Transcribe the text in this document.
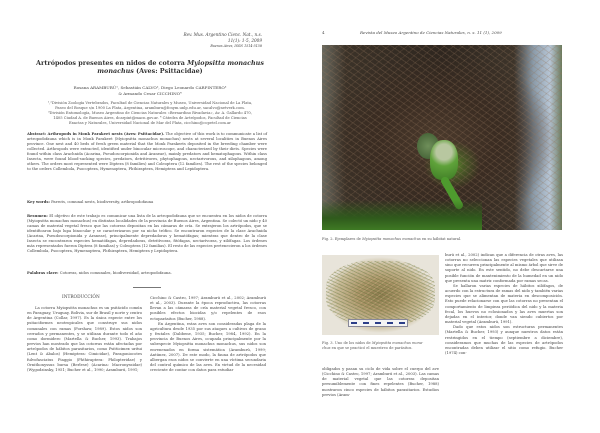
Rev. Mus. Argentino Cienc. Nat., n.s.
11(1): 1-5, 2009
Buenos Aires, ISSN 1514-5158
Artrópodos presentes en nidos de cotorra Myiopsitta monachus
monachus (Aves: Psittacidae)
Rosana ARAMBURÚ¹, Sebastián CALVO², Diego Leonardo CARPINTERO³
& Armando Cesar CICCHINO⁴
¹,²División Zoología Vertebrados, Facultad de Ciencias Naturales y Museo, Universidad Nacional de La Plata,
Paseo del Bosque s/n 1900 La Plata, Argentina, aramburu@fcnym.unlp.edu.ar, sacalvo@netverk.com.
³División Entomología, Museo Argentino de Ciencias Naturales «Bernardino Rivadavia», Av. A. Gallardo 470,
1405 Ciudad A. de Buenos Aires, dcarpint@macn.gov.ar. ⁴ Cátedra de Artrópodos, Facultad de Ciencias
Exactas y Naturales, Universidad Nacional de Mar del Plata, cicchino@copetel.com.ar
Abstract: Arthropods in Monk Parakeet nests (Aves: Psittacidae). The objective of this work is to communicate a list of artropodofauna which is in Monk Parakeet (Myiopsitta monachus monachus) nests at several localities in Buenos Aires province. One nest and 40 beds of fresh green material that the Monk Parakeets deposited in the breeding chamber were collected. Arthropods were extracted, identified under binocular microscope, and characterized by their diets. Species were found within class Arachnida (Acarina, Pseudoscorpionida and Araneae), mainly predators and hematophagous. Within class Insecta, were found blood-sucking species, predators, detritivores, phytophagous, nectarivorous, and xilophagous, among others. The orders most represented were Diptera (8 families) and Coleoptera (12 families). The rest of the species belonged to the orders Collembola, Psocoptera, Hymenoptera, Phthiraptera, Hemiptera and Lepidoptera.
Key words: Parrots, comunal nests, biodiversity, arthropodofauna
Resumen: El objetivo de este trabajo es comunicar una lista de la artropodofauna que se encuentra en los nidos de cotorra (Myiopsitta monachus monachus) en distintas localidades de la provincia de Buenos Aires, Argentina. Se colectó un nido y 40 camas de material vegetal fresco que las cotorras depositan en las cámaras de cría. Se extrajeron los artrópodos, que se identificaron bajo lupa binocular y se caracterizaron por su nicho trófico. Se encontraron especies de la clase Arachnida (Acarina, Pseudoscorpionida y Araneae), principalmente depredadoras y hematófagas; mientras que dentro de la clase Insecta se encontraron especies hematófagas, depredadoras, detritívoras, fitófagas, nectarívoras, y xilófagas. Los órdenes más representados fueron Diptera (8 familias) y Coleoptera (12 familias). El resto de las especies pertenecieron a los órdenes Collembola, Psocoptera, Hymenoptera, Phthiraptera, Hemiptera y Lepidoptera.
Palabras clave: Cotorras, nidos comunales, biodiversidad, artropodofauna.
INTRODUCCIÓN

La cotorra Myiopsitta monachus es un psitácido común en Paraguay, Uruguay, Bolivia, sur de Brasil y norte y centro de Argentina (Collar, 1997). Es la única especie entre los psitaciformes neotropicales que construye sus nidos comunales con ramas (Forshaw, 1989). Estos nidos son cerrados y permanentes, y se utilizan durante todo el año como dormidero (Martella & Bucher, 1993). Trabajos previos han mostrado que las cotorras están afectadas por artrópodos de hábitos parasitarios, como Psitticimex uritui (Lent & Abalos) (Hemiptera: Cimicidae), Paragoniocotes fulvofasciatus Piaggio (Phthiraptera: Philopteridae) y Ornithonyssus bursa (Berlese) (Acarina: Macronyssidae) (Wygodzinsky, 1951; Bucher et al., 1990; Aramburú, 1991;

Cicchino & Castro, 1997; Aramburú et al., 2002; Aramburú et al., 2003). Durante la época reproductiva, las cotorras llevan a las cámaras de cría material vegetal fresco, con posibles efectos biocidas y/o repelentes de esos ectoparásitos (Bucher, 1988).

En Argentina, estas aves son consideradas plaga de la agricultura desde 1935 por sus ataques a cultivos de grano y frutales (Dabbene, 1935; Bucher, 1984, 1992). En la provincia de Buenos Aires, ocupada principalmente por la subespecie Myiopsitta monachus monachus, sus nidos son envenenados en forma sistemática (Aramburú, 1999; Antúnez, 2007). De este modo, la fauna de artrópodos que albergan esos nidos se convierte en una víctima secundaria del control químico de las aves. En virtud de la necesidad creciente de contar con datos para estudiar

4	Revista del Museo Argentino de Ciencias Naturales, n. s. 11 (1), 2009
Fig. 2. Ejemplares de Myiopsitta monachus monachus en su hábitat natural.
Fig. 3. Uno de los nidos de Myiopsitta monachus mona-
chus en que se practicó el muestreo de parásitos.

obligados y pasan su ciclo de vida sobre el cuerpo del ave (Cicchino & Castro, 1997; Aramburú et al., 2003). Las camas de material vegetal que las cotorras depositan presumiblemente con fines repelentes (Bucher, 1988) mostraron cinco especies de hábitos parasitarios. Estudios previos (Aram-

burú et al., 2002) indican que a diferencia de otras aves, las cotorras no seleccionan las especies vegetales que utilizan sino que recurren principalmente al mismo árbol que sirve de soporte al nido. En este sentido, no debe descartarse una posible función de mantenimiento de la humedad en un nido que presenta una matriz conformada por ramas secas.

Se hallaron varias especies de hábitos xilófagos, de acuerdo con la estructura de ramas del nido y también varias especies que se alimentan de materia en descomposición. Esto puede relacionarse con que las cotorras no presentan el comportamiento de limpieza periódica del nido y la materia fecal, los huevos no eclosionados y las aves muertas son dejadas en el interior, donde van siendo cubiertos por material vegetal (Aramburú, 1991).

Dado que estos nidos son estructuras permanentes (Martella & Bucher, 1993) y aunque nuestros datos están restringidos en el tiempo (septiembre a diciembre), consideramos que muchas de las especies de artrópodos encontradas deben utilizar el sitio como refugio. Bucher (1974) con-
